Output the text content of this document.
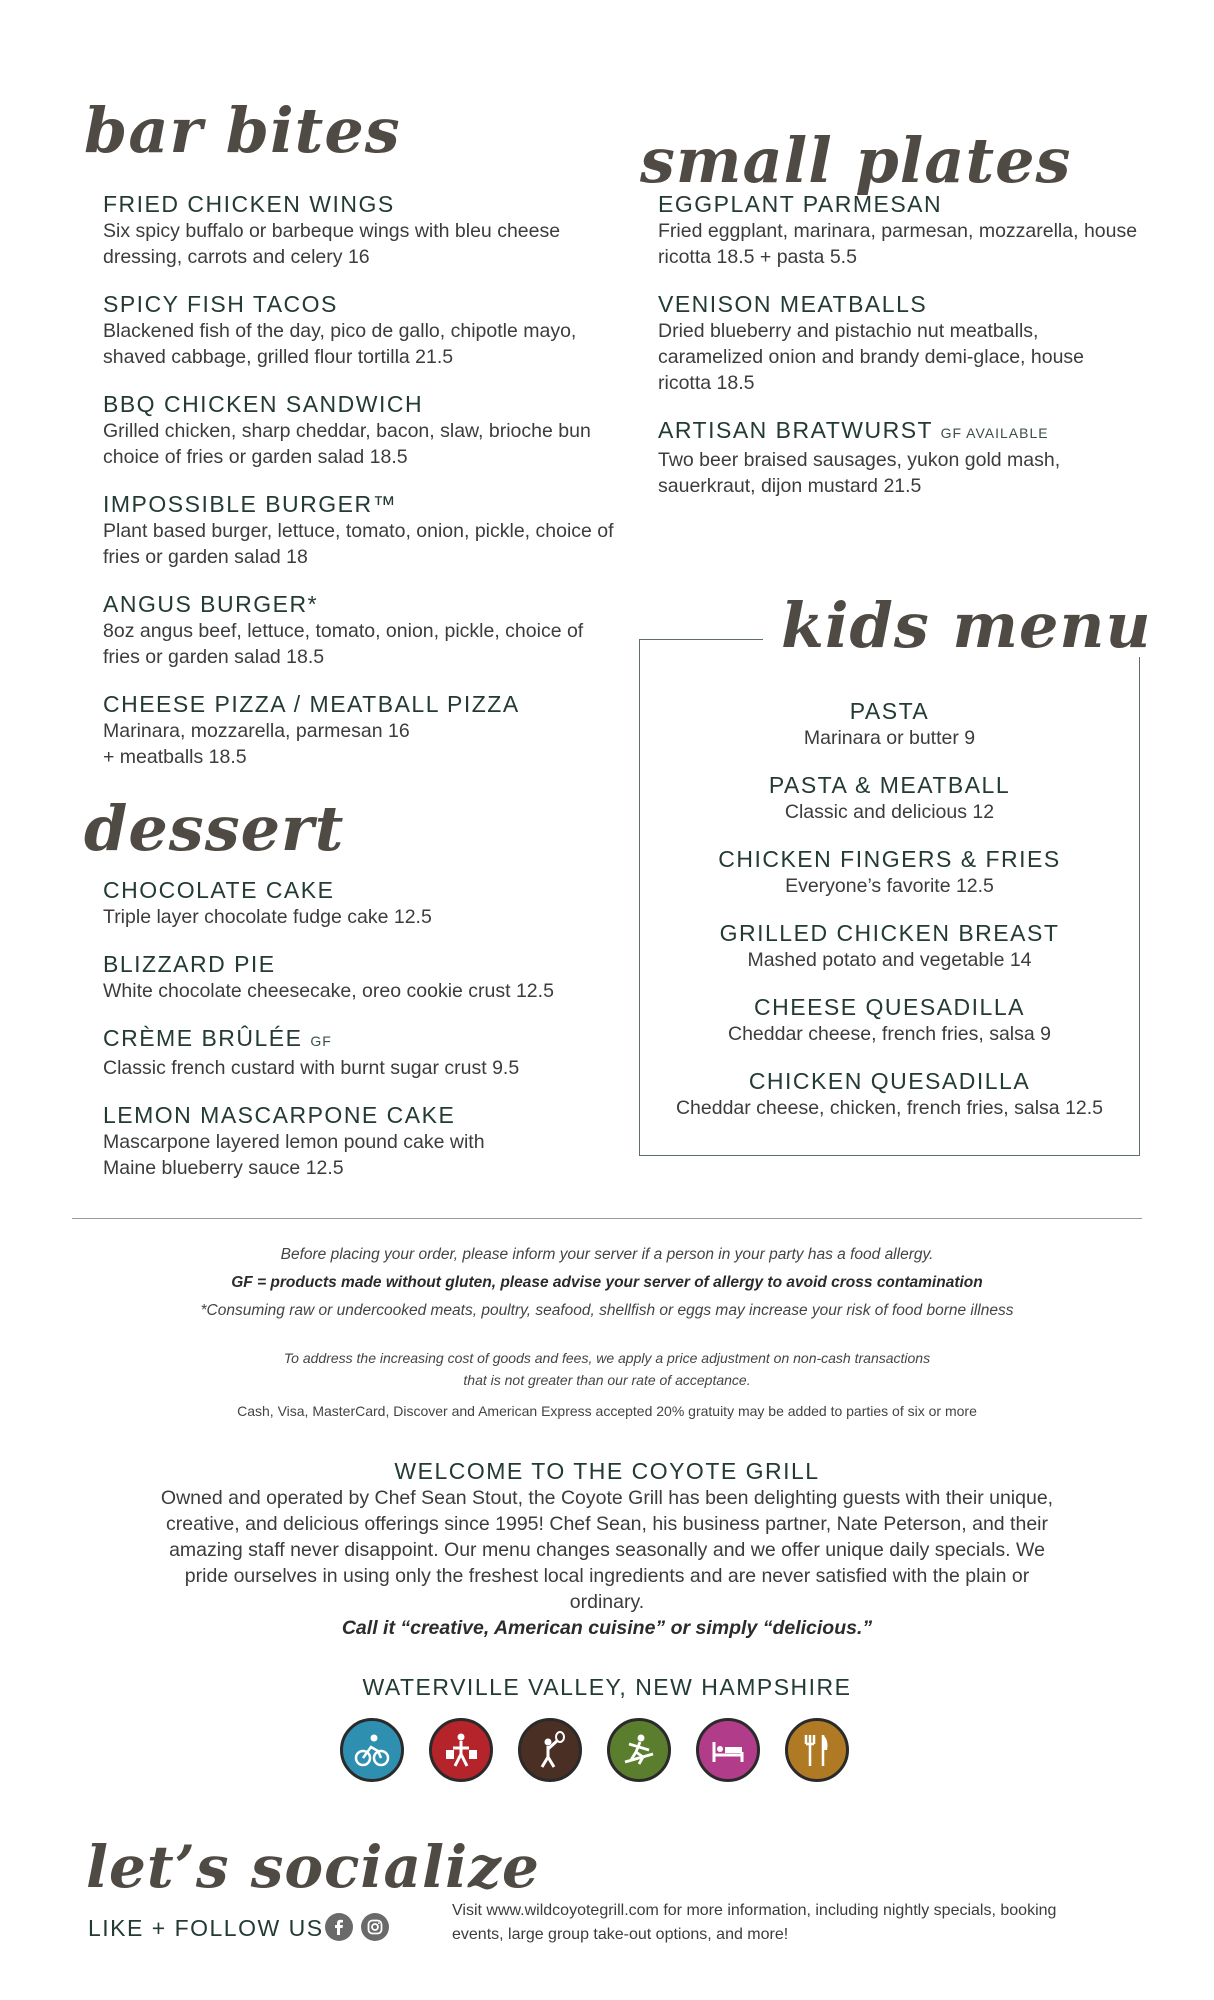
bar bites
FRIED CHICKEN WINGS
Six spicy buffalo or barbeque wings with bleu cheese dressing, carrots and celery 16
SPICY FISH TACOS
Blackened fish of the day, pico de gallo, chipotle mayo, shaved cabbage, grilled flour tortilla 21.5
BBQ CHICKEN SANDWICH
Grilled chicken, sharp cheddar, bacon, slaw, brioche bun choice of fries or garden salad 18.5
IMPOSSIBLE BURGER™
Plant based burger, lettuce, tomato, onion, pickle, choice of fries or garden salad 18
ANGUS BURGER*
8oz angus beef, lettuce, tomato, onion, pickle, choice of fries or garden salad 18.5
CHEESE PIZZA / MEATBALL PIZZA
Marinara, mozzarella, parmesan 16
+ meatballs 18.5
small plates
EGGPLANT PARMESAN
Fried eggplant, marinara, parmesan, mozzarella, house ricotta 18.5 + pasta 5.5
VENISON MEATBALLS
Dried blueberry and pistachio nut meatballs, caramelized onion and brandy demi-glace, house ricotta 18.5
ARTISAN BRATWURST GF AVAILABLE
Two beer braised sausages, yukon gold mash, sauerkraut, dijon mustard 21.5
dessert
CHOCOLATE CAKE
Triple layer chocolate fudge cake 12.5
BLIZZARD PIE
White chocolate cheesecake, oreo cookie crust 12.5
CRÈME BRÛLÉE GF
Classic french custard with burnt sugar crust 9.5
LEMON MASCARPONE CAKE
Mascarpone layered lemon pound cake with
Maine blueberry sauce 12.5
kids menu
PASTA
Marinara or butter 9
PASTA & MEATBALL
Classic and delicious 12
CHICKEN FINGERS & FRIES
Everyone’s favorite 12.5
GRILLED CHICKEN BREAST
Mashed potato and vegetable 14
CHEESE QUESADILLA
Cheddar cheese, french fries, salsa 9
CHICKEN QUESADILLA
Cheddar cheese, chicken, french fries, salsa 12.5
Before placing your order, please inform your server if a person in your party has a food allergy.
GF = products made without gluten, please advise your server of allergy to avoid cross contamination
*Consuming raw or undercooked meats, poultry, seafood, shellfish or eggs may increase your risk of food borne illness
To address the increasing cost of goods and fees, we apply a price adjustment on non-cash transactions
that is not greater than our rate of acceptance.
Cash, Visa, MasterCard, Discover and American Express accepted 20% gratuity may be added to parties of six or more
WELCOME TO THE COYOTE GRILL
Owned and operated by Chef Sean Stout, the Coyote Grill has been delighting guests with their unique, creative, and delicious offerings since 1995! Chef Sean, his business partner, Nate Peterson, and their amazing staff never disappoint. Our menu changes seasonally and we offer unique daily specials. We pride ourselves in using only the freshest local ingredients and are never satisfied with the plain or ordinary.
Call it “creative, American cuisine” or simply “delicious.”
WATERVILLE VALLEY, NEW HAMPSHIRE
let’s socialize
LIKE + FOLLOW US
Visit www.wildcoyotegrill.com for more information, including nightly specials, booking events, large group take-out options, and more!
